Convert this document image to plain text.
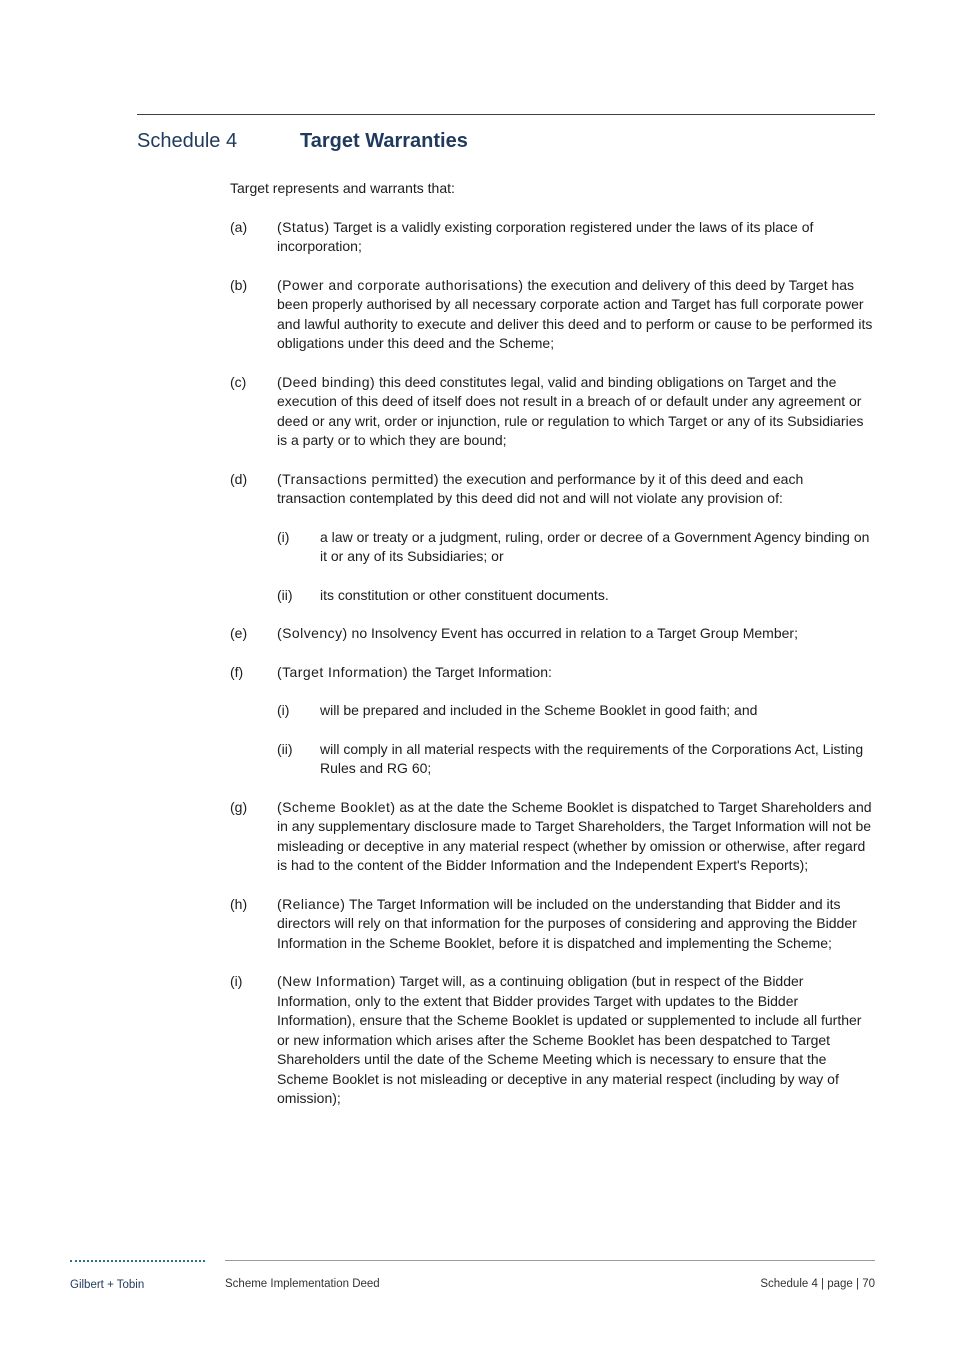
Schedule 4	Target Warranties
Target represents and warrants that:
(a)	(Status) Target is a validly existing corporation registered under the laws of its place of incorporation;
(b)	(Power and corporate authorisations) the execution and delivery of this deed by Target has been properly authorised by all necessary corporate action and Target has full corporate power and lawful authority to execute and deliver this deed and to perform or cause to be performed its obligations under this deed and the Scheme;
(c)	(Deed binding) this deed constitutes legal, valid and binding obligations on Target and the execution of this deed of itself does not result in a breach of or default under any agreement or deed or any writ, order or injunction, rule or regulation to which Target or any of its Subsidiaries is a party or to which they are bound;
(d)	(Transactions permitted) the execution and performance by it of this deed and each transaction contemplated by this deed did not and will not violate any provision of:
(i)	a law or treaty or a judgment, ruling, order or decree of a Government Agency binding on it or any of its Subsidiaries; or
(ii)	its constitution or other constituent documents.
(e)	(Solvency) no Insolvency Event has occurred in relation to a Target Group Member;
(f)	(Target Information) the Target Information:
(i)	will be prepared and included in the Scheme Booklet in good faith; and
(ii)	will comply in all material respects with the requirements of the Corporations Act, Listing Rules and RG 60;
(g)	(Scheme Booklet) as at the date the Scheme Booklet is dispatched to Target Shareholders and in any supplementary disclosure made to Target Shareholders, the Target Information will not be misleading or deceptive in any material respect (whether by omission or otherwise, after regard is had to the content of the Bidder Information and the Independent Expert's Reports);
(h)	(Reliance) The Target Information will be included on the understanding that Bidder and its directors will rely on that information for the purposes of considering and approving the Bidder Information in the Scheme Booklet, before it is dispatched and implementing the Scheme;
(i)	(New Information) Target will, as a continuing obligation (but in respect of the Bidder Information, only to the extent that Bidder provides Target with updates to the Bidder Information), ensure that the Scheme Booklet is updated or supplemented to include all further or new information which arises after the Scheme Booklet has been despatched to Target Shareholders until the date of the Scheme Meeting which is necessary to ensure that the Scheme Booklet is not misleading or deceptive in any material respect (including by way of omission);
Gilbert + Tobin	Scheme Implementation Deed	Schedule 4 | page | 70
